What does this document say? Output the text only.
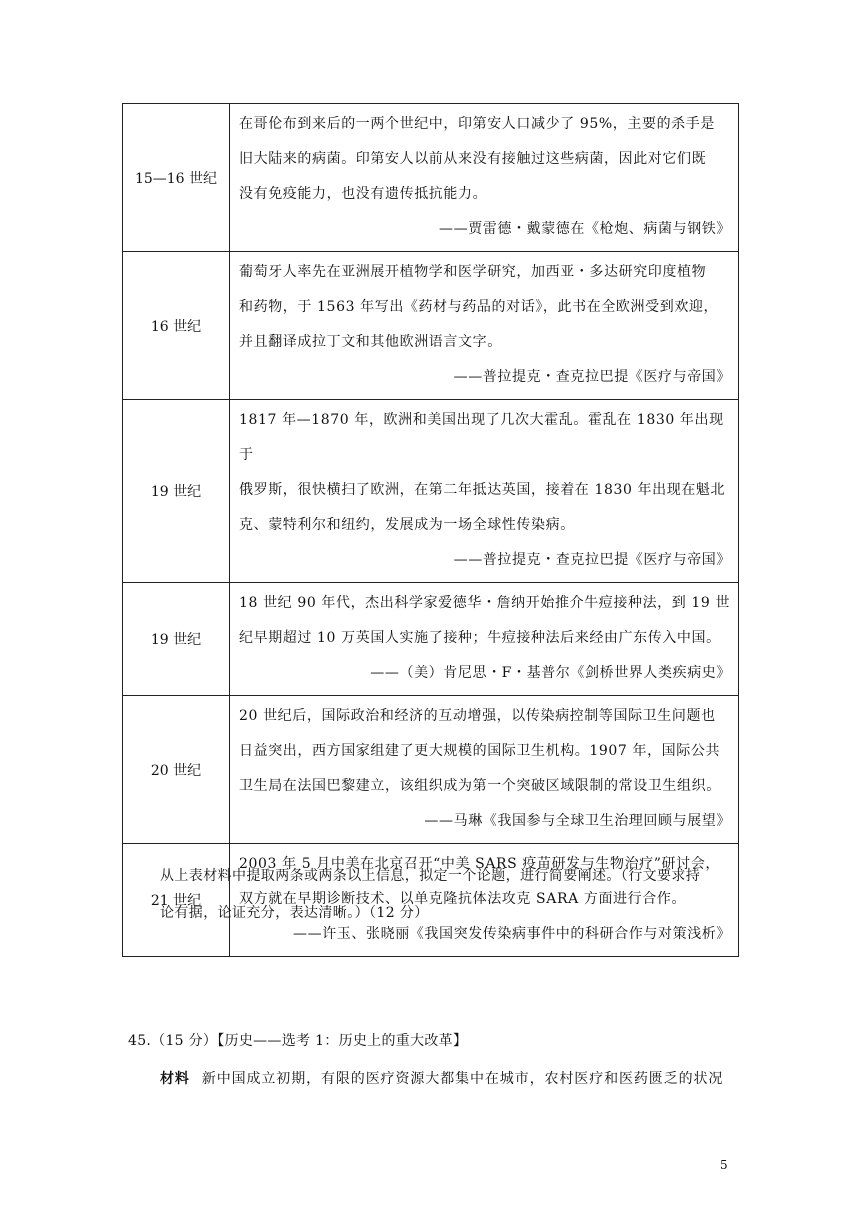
15—16 世纪	在哥伦布到来后的一两个世纪中，印第安人口减少了 95%，主要的杀手是
旧大陆来的病菌。印第安人以前从来没有接触过这些病菌，因此对它们既
没有免疫能力，也没有遗传抵抗能力。
——贾雷德・戴蒙德在《枪炮、病菌与钢铁》

16 世纪	葡萄牙人率先在亚洲展开植物学和医学研究，加西亚・多达研究印度植物
和药物，于 1563 年写出《药材与药品的对话》，此书在全欧洲受到欢迎，
并且翻译成拉丁文和其他欧洲语言文字。
——普拉提克・查克拉巴提《医疗与帝国》

19 世纪	1817 年—1870 年，欧洲和美国出现了几次大霍乱。霍乱在 1830 年出现于
俄罗斯，很快横扫了欧洲，在第二年抵达英国，接着在 1830 年出现在魁北
克、蒙特利尔和纽约，发展成为一场全球性传染病。
——普拉提克・查克拉巴提《医疗与帝国》

19 世纪	18 世纪 90 年代，杰出科学家爱德华・詹纳开始推介牛痘接种法，到 19 世
纪早期超过 10 万英国人实施了接种；牛痘接种法后来经由广东传入中国。
——（美）肯尼思・F・基普尔《剑桥世界人类疾病史》

20 世纪	20 世纪后，国际政治和经济的互动增强，以传染病控制等国际卫生问题也
日益突出，西方国家组建了更大规模的国际卫生机构。1907 年，国际公共
卫生局在法国巴黎建立，该组织成为第一个突破区域限制的常设卫生组织。
——马琳《我国参与全球卫生治理回顾与展望》

21 世纪	2003 年 5 月中美在北京召开“中美 SARS 疫苗研发与生物治疗”研讨会，
双方就在早期诊断技术、以单克隆抗体法攻克 SARA 方面进行合作。
——许玉、张晓丽《我国突发传染病事件中的科研合作与对策浅析》
从上表材料中提取两条或两条以上信息，拟定一个论题，进行简要阐述。（行文要求持
论有据，论证充分，表达清晰。）（12 分）
45.（15 分）【历史——选考 1：历史上的重大改革】
材料 新中国成立初期，有限的医疗资源大都集中在城市，农村医疗和医药匮乏的状况
5
